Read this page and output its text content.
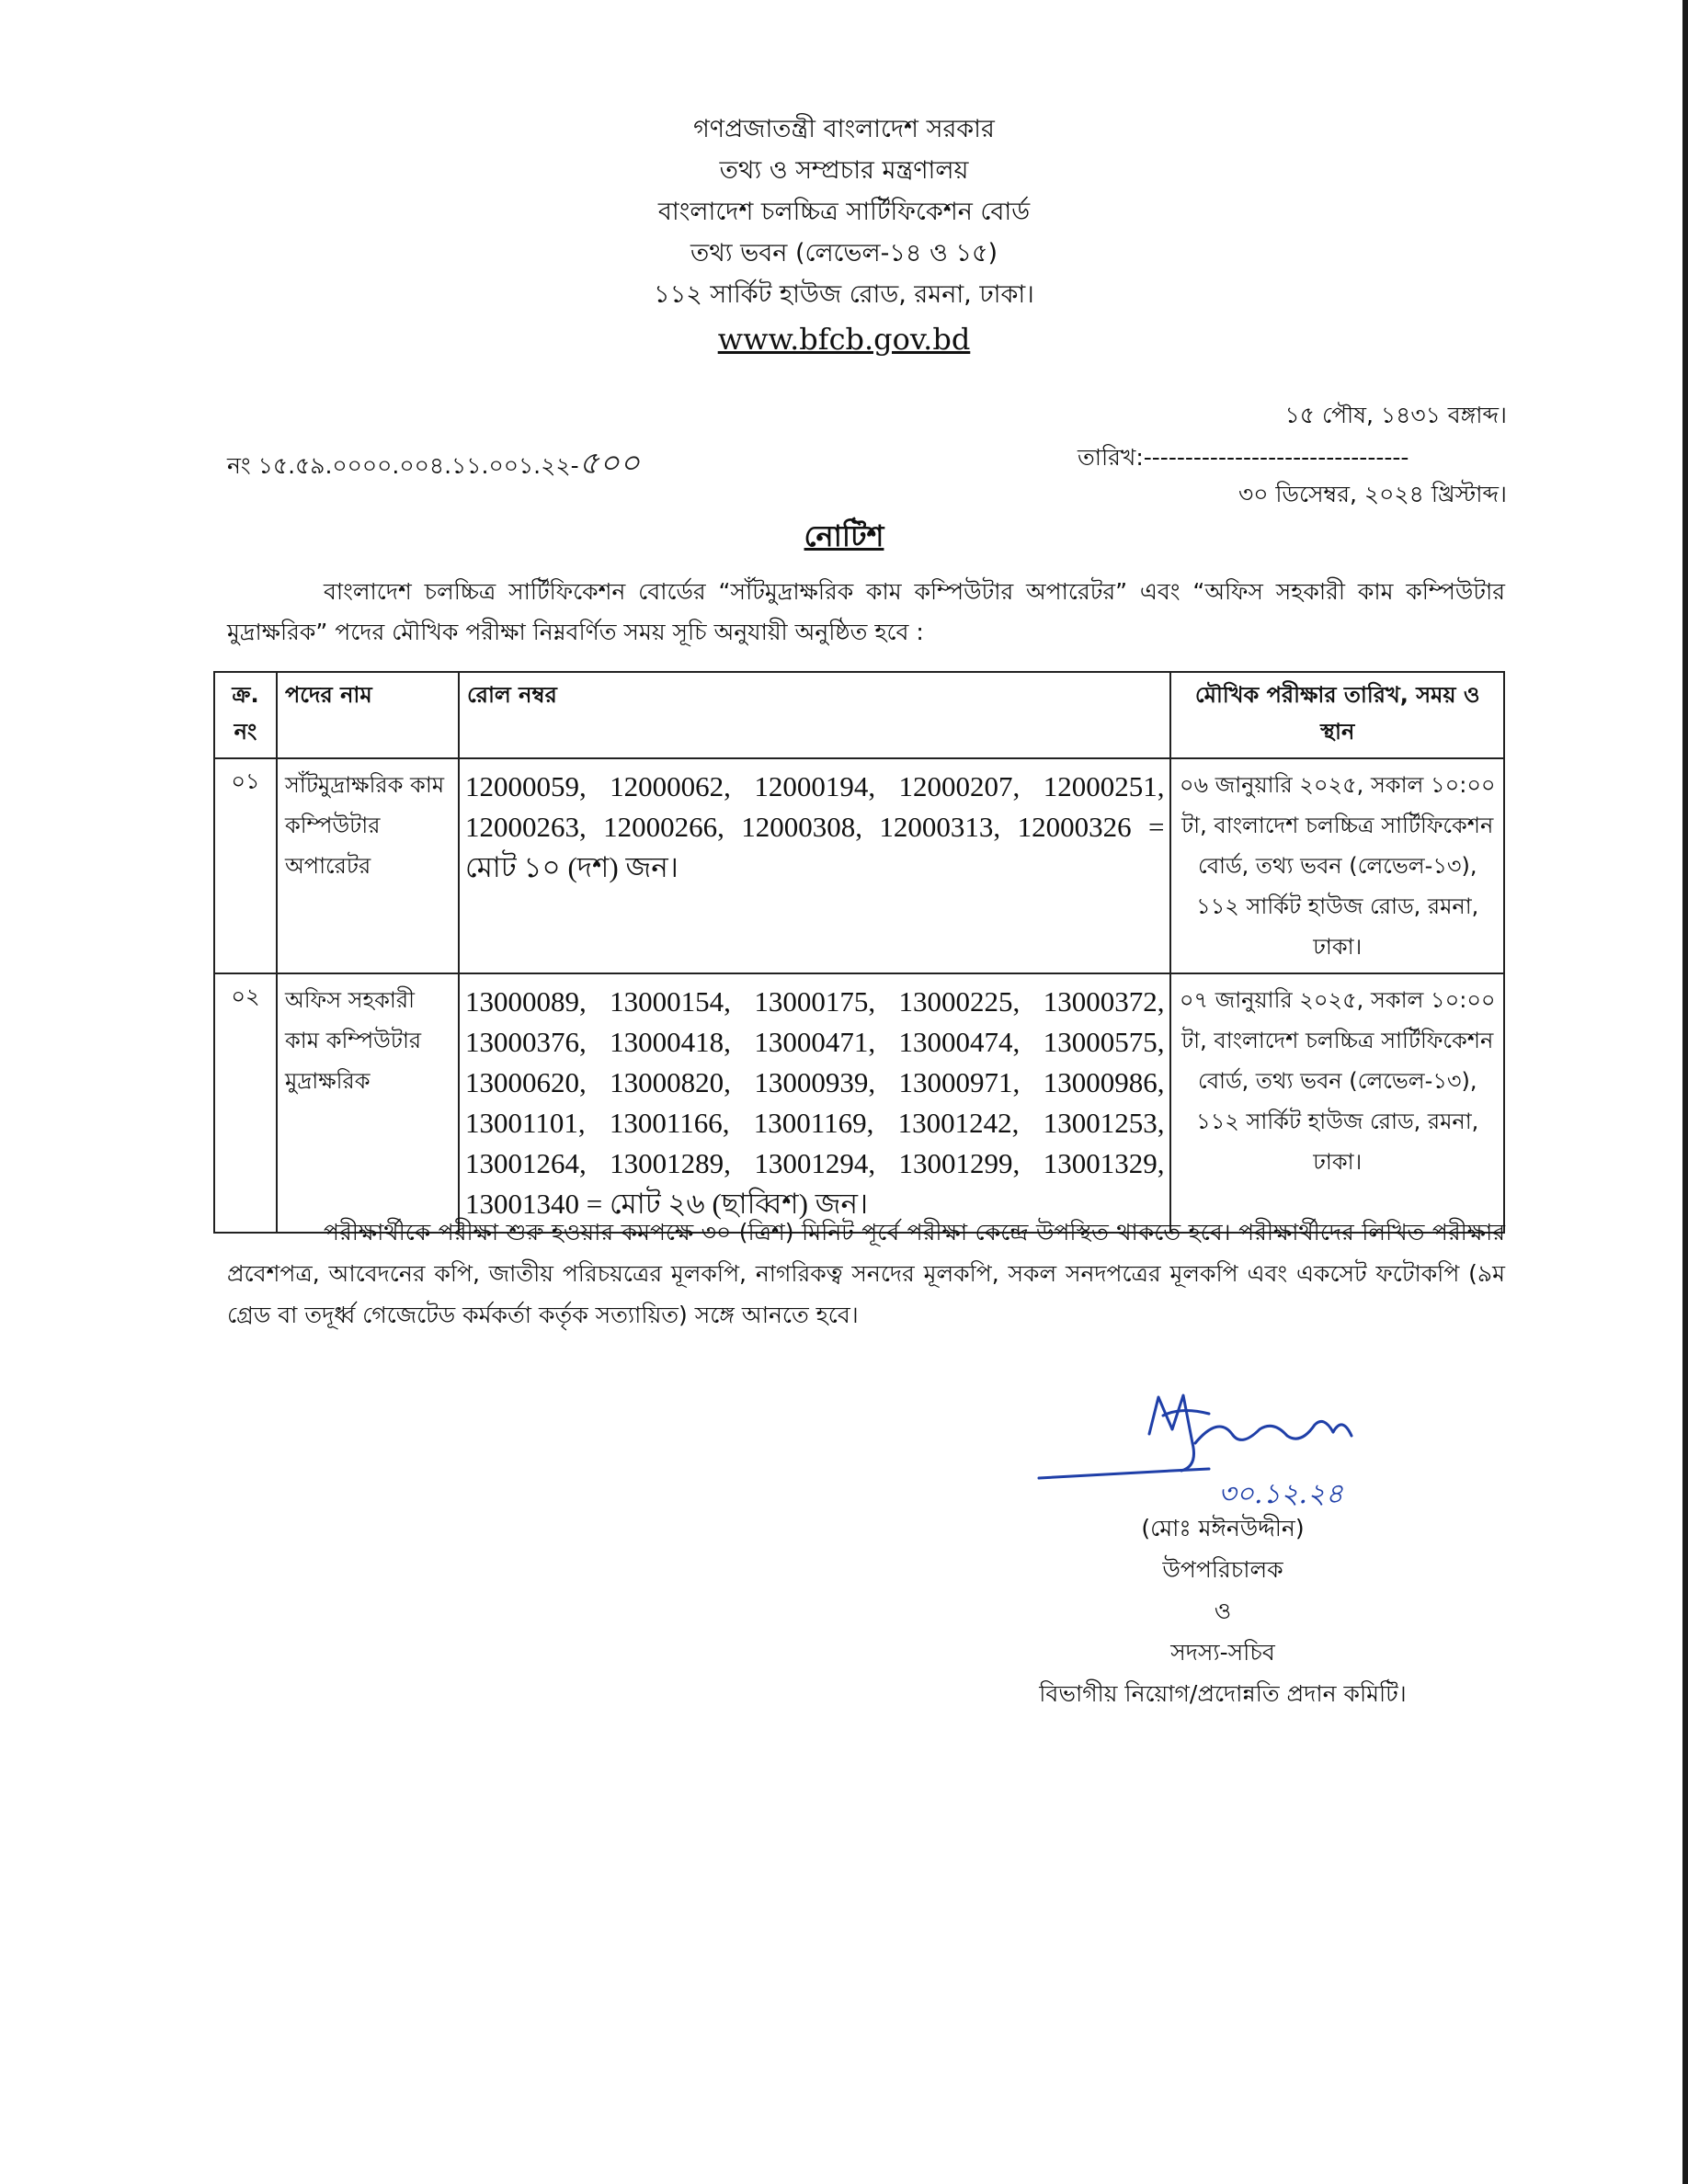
গণপ্রজাতন্ত্রী বাংলাদেশ সরকার
তথ্য ও সম্প্রচার মন্ত্রণালয়
বাংলাদেশ চলচ্চিত্র সার্টিফিকেশন বোর্ড
তথ্য ভবন (লেভেল-১৪ ও ১৫)
১১২ সার্কিট হাউজ রোড, রমনা, ঢাকা।
www.bfcb.gov.bd
১৫ পৌষ, ১৪৩১ বঙ্গাব্দ।
নং ১৫.৫৯.০০০০.০০৪.১১.০০১.২২-৫০০	তারিখ:--------------------------------
৩০ ডিসেম্বর, ২০২৪ খ্রিস্টাব্দ।
নোটিশ
বাংলাদেশ চলচ্চিত্র সার্টিফিকেশন বোর্ডের “সাঁটমুদ্রাক্ষরিক কাম কম্পিউটার অপারেটর” এবং “অফিস সহকারী কাম কম্পিউটার মুদ্রাক্ষরিক” পদের মৌখিক পরীক্ষা নিম্নবর্ণিত সময় সূচি অনুযায়ী অনুষ্ঠিত হবে :
ক্র. নং	পদের নাম	রোল নম্বর	মৌখিক পরীক্ষার তারিখ, সময় ও স্থান
০১	সাঁটমুদ্রাক্ষরিক কাম কম্পিউটার অপারেটর	12000059, 12000062, 12000194, 12000207, 12000251, 12000263, 12000266, 12000308, 12000313, 12000326 = মোট ১০ (দশ) জন।	০৬ জানুয়ারি ২০২৫, সকাল ১০:০০ টা, বাংলাদেশ চলচ্চিত্র সার্টিফিকেশন বোর্ড, তথ্য ভবন (লেভেল-১৩), ১১২ সার্কিট হাউজ রোড, রমনা, ঢাকা।
০২	অফিস সহকারী কাম কম্পিউটার মুদ্রাক্ষরিক	13000089, 13000154, 13000175, 13000225, 13000372, 13000376, 13000418, 13000471, 13000474, 13000575, 13000620, 13000820, 13000939, 13000971, 13000986, 13001101, 13001166, 13001169, 13001242, 13001253, 13001264, 13001289, 13001294, 13001299, 13001329, 13001340 = মোট ২৬ (ছাব্বিশ) জন।	০৭ জানুয়ারি ২০২৫, সকাল ১০:০০ টা, বাংলাদেশ চলচ্চিত্র সার্টিফিকেশন বোর্ড, তথ্য ভবন (লেভেল-১৩), ১১২ সার্কিট হাউজ রোড, রমনা, ঢাকা।
পরীক্ষার্থীকে পরীক্ষা শুরু হওয়ার কমপক্ষে ৩০ (ত্রিশ) মিনিট পূর্বে পরীক্ষা কেন্দ্রে উপস্থিত থাকতে হবে। পরীক্ষার্থীদের লিখিত পরীক্ষার প্রবেশপত্র, আবেদনের কপি, জাতীয় পরিচয়ত্রের মূলকপি, নাগরিকত্ব সনদের মূলকপি, সকল সনদপত্রের মূলকপি এবং একসেট ফটোকপি (৯ম গ্রেড বা তদূর্ধ্ব গেজেটেড কর্মকর্তা কর্তৃক সত্যায়িত) সঙ্গে আনতে হবে।
৩০.১২.২৪
(মোঃ মঈনউদ্দীন)
উপপরিচালক
ও
সদস্য-সচিব
বিভাগীয় নিয়োগ/প্রদোন্নতি প্রদান কমিটি।
